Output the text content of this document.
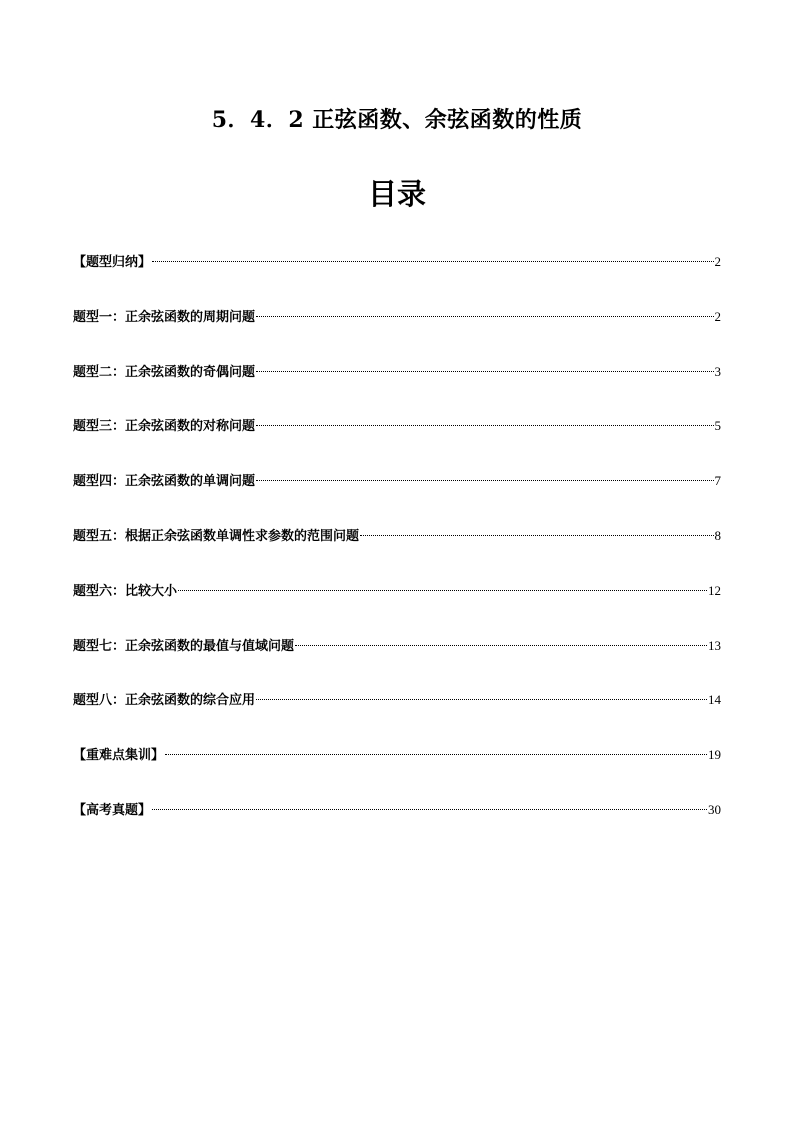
5．4．2 正弦函数、余弦函数的性质
目录
【题型归纳】	2
题型一：正余弦函数的周期问题	2
题型二：正余弦函数的奇偶问题	3
题型三：正余弦函数的对称问题	5
题型四：正余弦函数的单调问题	7
题型五：根据正余弦函数单调性求参数的范围问题	8
题型六：比较大小	12
题型七：正余弦函数的最值与值域问题	13
题型八：正余弦函数的综合应用	14
【重难点集训】	19
【高考真题】	30
